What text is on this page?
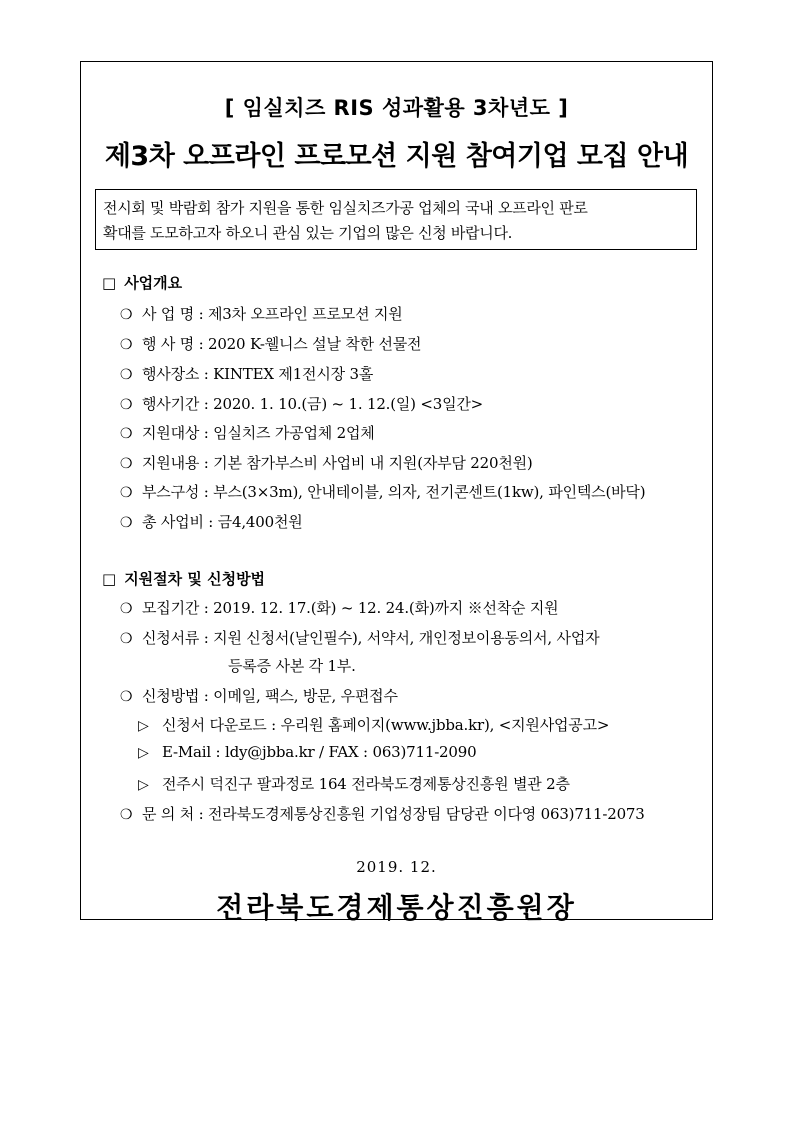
[ 임실치즈 RIS 성과활용 3차년도 ]
제3차 오프라인 프로모션 지원 참여기업 모집 안내
전시회 및 박람회 참가 지원을 통한 임실치즈가공 업체의 국내 오프라인 판로
확대를 도모하고자 하오니 관심 있는 기업의 많은 신청 바랍니다.
□ 사업개요
❍ 사 업 명 : 제3차 오프라인 프로모션 지원
❍ 행 사 명 : 2020 K-웰니스 설날 착한 선물전
❍ 행사장소 : KINTEX 제1전시장 3홀
❍ 행사기간 : 2020. 1. 10.(금) ~ 1. 12.(일) <3일간>
❍ 지원대상 : 임실치즈 가공업체 2업체
❍ 지원내용 : 기본 참가부스비 사업비 내 지원(자부담 220천원)
❍ 부스구성 : 부스(3×3m), 안내테이블, 의자, 전기콘센트(1kw), 파인텍스(바닥)
❍ 총 사업비 : 금4,400천원
□ 지원절차 및 신청방법
❍ 모집기간 : 2019. 12. 17.(화) ~ 12. 24.(화)까지 ※선착순 지원
❍ 신청서류 : 지원 신청서(날인필수), 서약서, 개인정보이용동의서, 사업자
등록증 사본 각 1부.
❍ 신청방법 : 이메일, 팩스, 방문, 우편접수
▷ 신청서 다운로드 : 우리원 홈페이지(www.jbba.kr), <지원사업공고>
▷ E-Mail : ldy@jbba.kr / FAX : 063)711-2090
▷ 전주시 덕진구 팔과정로 164 전라북도경제통상진흥원 별관 2층
❍ 문 의 처 : 전라북도경제통상진흥원 기업성장팀 담당관 이다영 063)711-2073
2019. 12.
전라북도경제통상진흥원장
